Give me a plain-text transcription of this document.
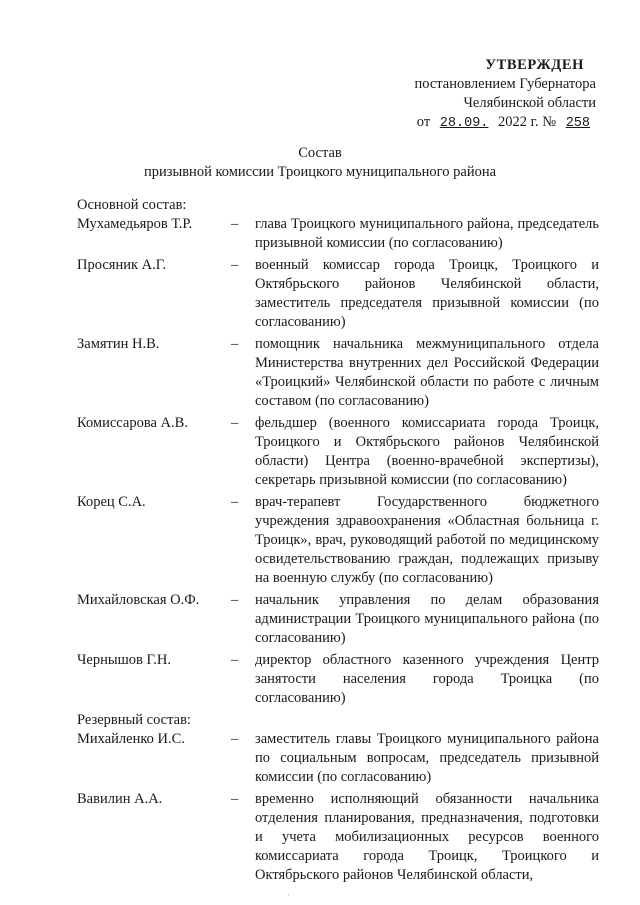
УТВЕРЖДЕН
постановлением Губернатора
Челябинской области
от 28.09. 2022 г. № 258
Состав
призывной комиссии Троицкого муниципального района
Основной состав:
Мухамедьяров Т.Р.	–	глава Троицкого муниципального района, председатель призывной комиссии (по согласованию)
Просяник А.Г.	–	военный комиссар города Троицк, Троицкого и Октябрьского районов Челябинской области, заместитель председателя призывной комиссии (по согласованию)
Замятин Н.В.	–	помощник начальника межмуниципального отдела Министерства внутренних дел Российской Федерации «Троицкий» Челябинской области по работе с личным составом (по согласованию)
Комиссарова А.В.	–	фельдшер (военного комиссариата города Троицк, Троицкого и Октябрьского районов Челябинской области) Центра (военно-врачебной экспертизы), секретарь призывной комиссии (по согласованию)
Корец С.А.	–	врач-терапевт Государственного бюджетного учреждения здравоохранения «Областная больница г. Троицк», врач, руководящий работой по медицинскому освидетельствованию граждан, подлежащих призыву на военную службу (по согласованию)
Михайловская О.Ф.	–	начальник управления по делам образования администрации Троицкого муниципального района (по согласованию)
Чернышов Г.Н.	–	директор областного казенного учреждения Центр занятости населения города Троицка (по согласованию)
Резервный состав:
Михайленко И.С.	–	заместитель главы Троицкого муниципального района по социальным вопросам, председатель призывной комиссии (по согласованию)
Вавилин А.А.	–	временно исполняющий обязанности начальника отделения планирования, предназначения, подготовки и учета мобилизационных ресурсов военного комиссариата города Троицк, Троицкого и Октябрьского районов Челябинской области,
·
